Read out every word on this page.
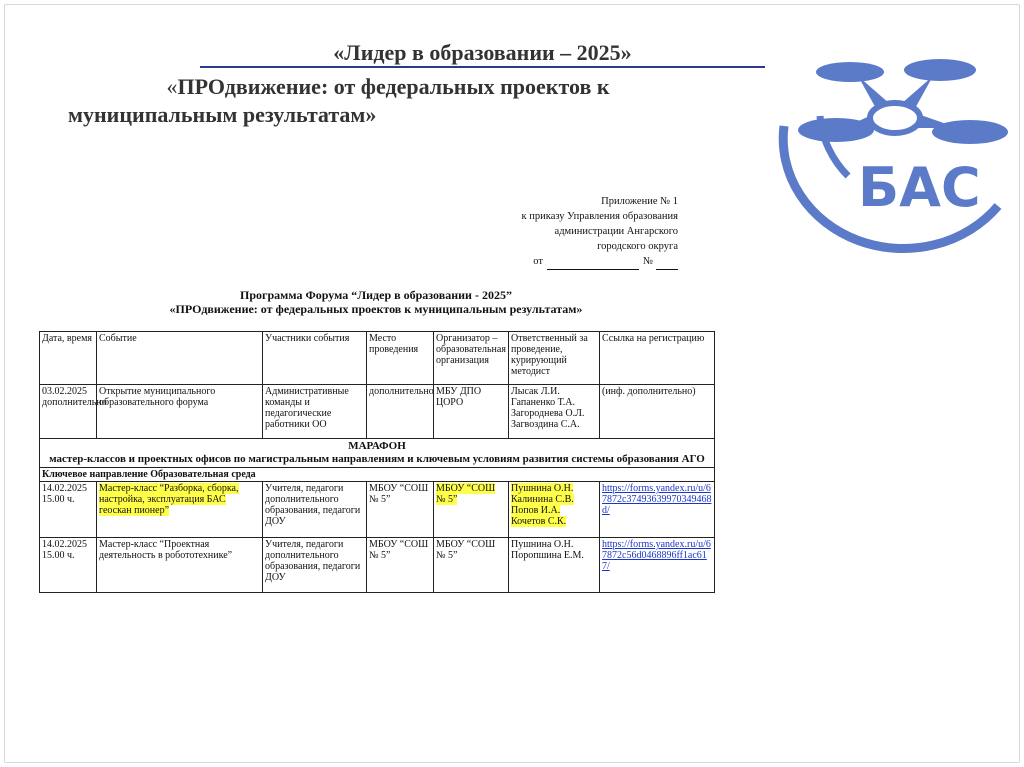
«Лидер в образовании – 2025»
«ПРОдвижение: от федеральных проектов к
муниципальным результатам»
БАС
Приложение № 1
к приказу Управления образования
администрации Ангарского
городского округа
от	№
Программа Форума “Лидер в образовании - 2025”
«ПРОдвижение: от федеральных проектов к муниципальным результатам»
Дата, время	Событие	Участники события	Место проведения	Организатор – образовательная организация	Ответственный за проведение, курирующий методист	Ссылка на регистрацию
03.02.2025 дополнительно	Открытие муниципального образовательного форума	Административные команды и педагогические работники ОО	дополнительно	МБУ ДПО ЦОРО	Лысак Л.И. Гапаненко Т.А. Загороднева О.Л. Загвоздина С.А.	(инф. дополнительно)

МАРАФОН
мастер-классов и проектных офисов по магистральным направлениям и ключевым условиям развития системы образования АГО						

Ключевое направление Образовательная среда						
14.02.2025 15.00 ч.	Мастер-класс “Разборка, сборка, настройка, эксплуатация БАС геоскан пионер”	Учителя, педагоги дополнительного образования, педагоги ДОУ	МБОУ “СОШ № 5”	МБОУ “СОШ № 5”	Пушнина О.Н. Калинина С.В. Попов И.А. Кочетов С.К.	https://forms.yandex.ru/u/67872c374936399703494​68d/
14.02.2025 15.00 ч.	Мастер-класс “Проектная деятельность в робототехнике”	Учителя, педагоги дополнительного образования, педагоги ДОУ	МБОУ “СОШ № 5”	МБОУ “СОШ № 5”	Пушнина О.Н. Поропшина Е.М.	https://forms.yandex.ru/u/67872c56d0468896ff1ac617/
